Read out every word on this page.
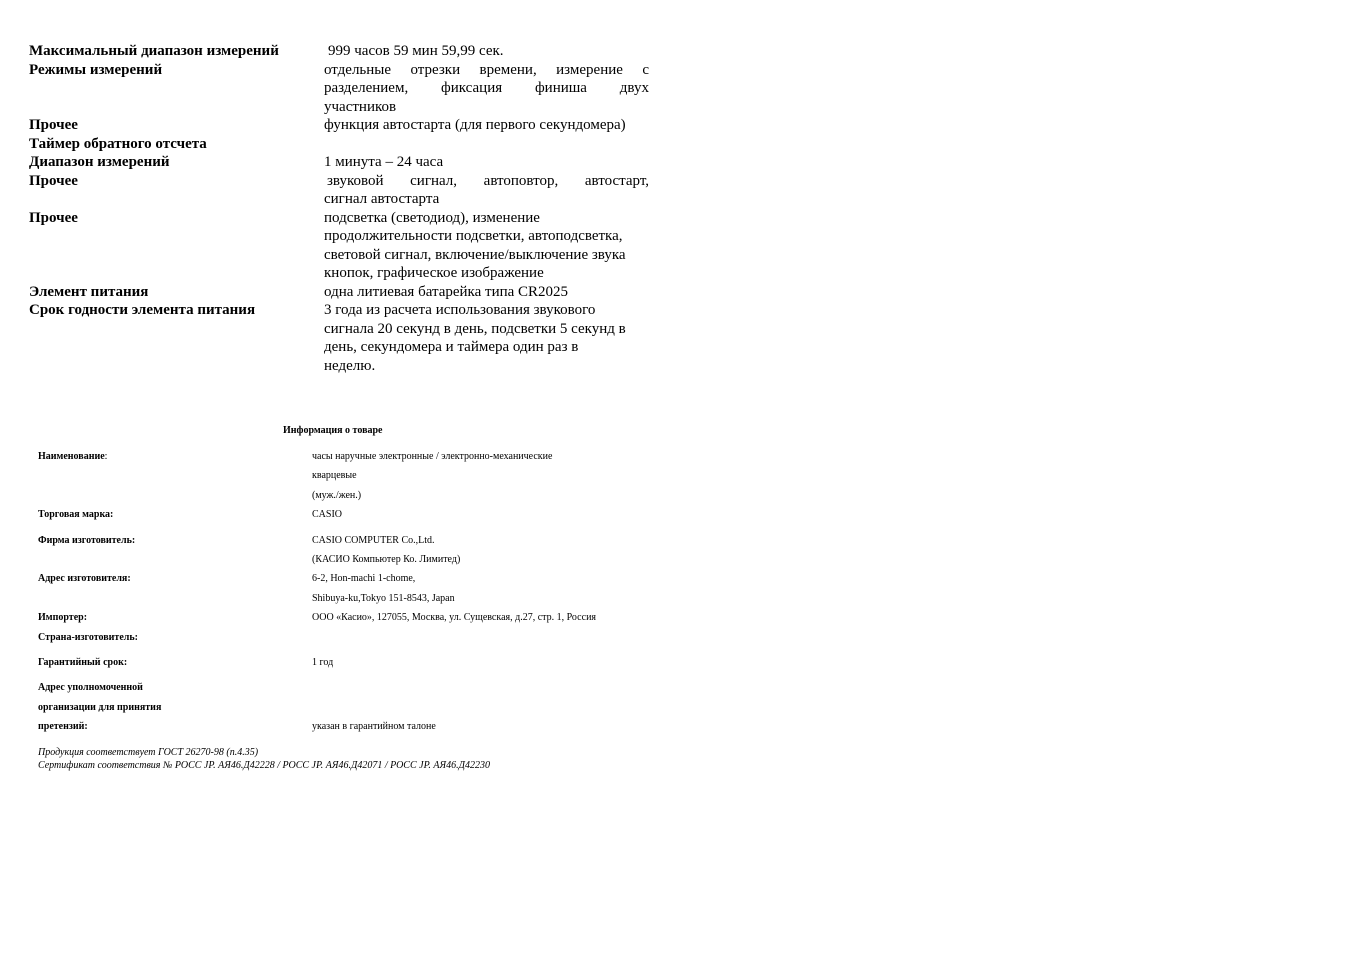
Максимальный диапазон измерений	999 часов 59 мин 59,99 сек.
Режимы измерений	отдельные отрезки времени, измерение с
разделением, фиксация финиша двух
участников
Прочее	функция автостарта (для первого секундомера)
Таймер обратного отсчета
Диапазон измерений	1 минута – 24 часа
Прочее	звуковой сигнал, автоповтор, автостарт,
сигнал автостарта
Прочее	подсветка (светодиод), изменение
продолжительности подсветки, автоподсветка,
световой сигнал, включение/выключение звука
кнопок, графическое изображение
Элемент питания	одна литиевая батарейка типа CR2025
Срок годности элемента питания	3 года из расчета использования звукового
сигнала 20 секунд в день, подсветки 5 секунд в
день, секундомера и таймера один раз в
неделю.
Информация о товаре
Наименование:	часы наручные электронные / электронно-механические
кварцевые
(муж./жен.)
Торговая марка:	CASIO
Фирма изготовитель:	CASIO COMPUTER Co.,Ltd.
(КАСИО Компьютер Ко. Лимитед)
Адрес изготовителя:	6-2, Hon-machi 1-chome,
Shibuya-ku,Tokyo 151-8543, Japan
Импортер:	ООО «Касио», 127055, Москва, ул. Сущевская, д.27, стр. 1, Россия
Страна-изготовитель:
Гарантийный срок:	1 год
Адрес уполномоченной
организации для принятия
претензий:	указан в гарантийном талоне
Продукция соответствует ГОСТ 26270-98 (п.4.35)
Сертификат соответствия № РОСС JP. АЯ46.Д42228 / РОСС JP. АЯ46.Д42071 / РОСС JP. АЯ46.Д42230
